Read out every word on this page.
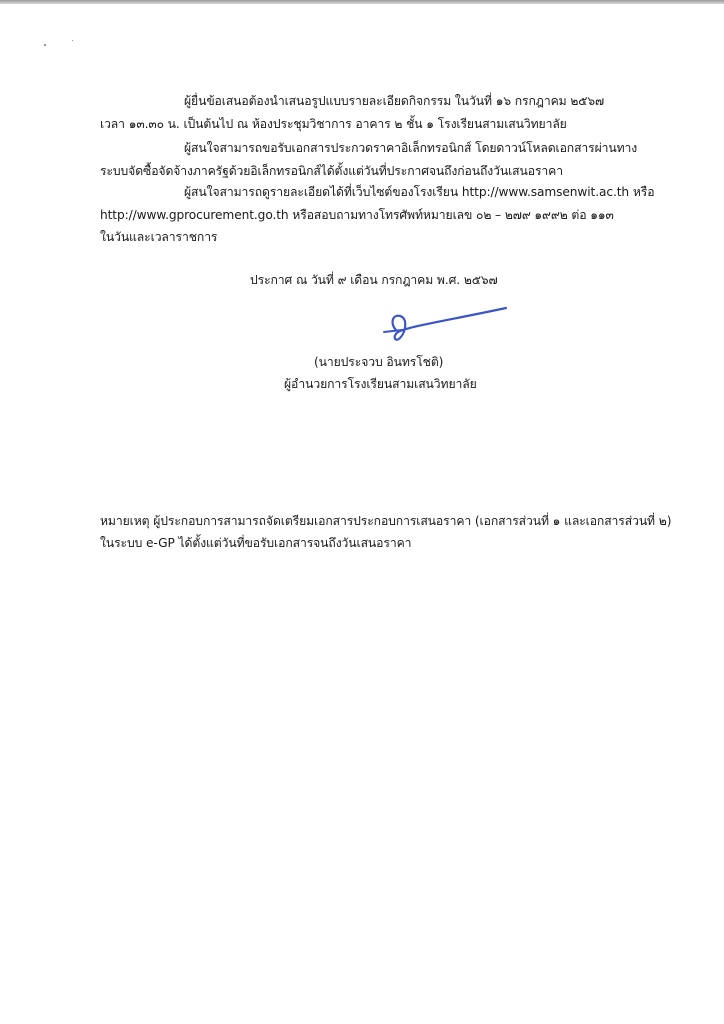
ผู้ยื่นข้อเสนอต้องนำเสนอรูปแบบรายละเอียดกิจกรรม ในวันที่ ๑๖ กรกฎาคม ๒๕๖๗
เวลา ๑๓.๓๐ น. เป็นต้นไป ณ ห้องประชุมวิชาการ อาคาร ๒ ชั้น ๑ โรงเรียนสามเสนวิทยาลัย
ผู้สนใจสามารถขอรับเอกสารประกวดราคาอิเล็กทรอนิกส์ โดยดาวน์โหลดเอกสารผ่านทาง
ระบบจัดซื้อจัดจ้างภาครัฐด้วยอิเล็กทรอนิกส์ได้ตั้งแต่วันที่ประกาศจนถึงก่อนถึงวันเสนอราคา
ผู้สนใจสามารถดูรายละเอียดได้ที่เว็บไซต์ของโรงเรียน http://www.samsenwit.ac.th หรือ
http://www.gprocurement.go.th หรือสอบถามทางโทรศัพท์หมายเลข ๐๒ – ๒๗๙ ๑๙๙๒ ต่อ ๑๑๓
ในวันและเวลาราชการ
ประกาศ ณ วันที่ ๙ เดือน กรกฎาคม พ.ศ. ๒๕๖๗
(นายประจวบ อินทรโชติ)
ผู้อำนวยการโรงเรียนสามเสนวิทยาลัย
หมายเหตุ ผู้ประกอบการสามารถจัดเตรียมเอกสารประกอบการเสนอราคา (เอกสารส่วนที่ ๑ และเอกสารส่วนที่ ๒)
ในระบบ e-GP ได้ตั้งแต่วันที่ขอรับเอกสารจนถึงวันเสนอราคา
